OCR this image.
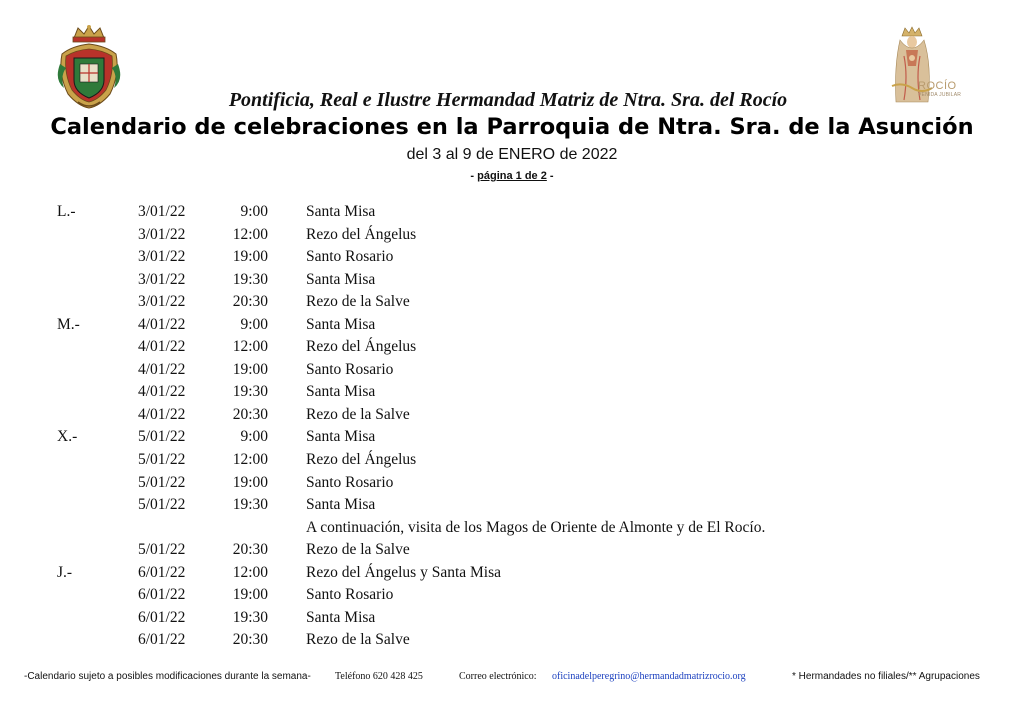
ROCÍO
VENIDA JUBILAR
Pontificia, Real e Ilustre Hermandad Matriz de Ntra. Sra. del Rocío
Calendario de celebraciones en la Parroquia de Ntra. Sra. de la Asunción
del 3 al 9 de ENERO de 2022
- página 1 de 2 -
L.-	3/01/22	9:00 Santa Misa
3/01/22	12:00 Rezo del Ángelus
3/01/22	19:00 Santo Rosario
3/01/22	19:30 Santa Misa
3/01/22	20:30 Rezo de la Salve
M.-	4/01/22	9:00 Santa Misa
4/01/22	12:00 Rezo del Ángelus
4/01/22	19:00 Santo Rosario
4/01/22	19:30 Santa Misa
4/01/22	20:30 Rezo de la Salve
X.-	5/01/22	9:00 Santa Misa
5/01/22	12:00 Rezo del Ángelus
5/01/22	19:00 Santo Rosario
5/01/22	19:30 Santa Misa
A continuación, visita de los Magos de Oriente de Almonte y de El Rocío.
5/01/22	20:30 Rezo de la Salve
J.-	6/01/22	12:00 Rezo del Ángelus y Santa Misa
6/01/22	19:00 Santo Rosario
6/01/22	19:30 Santa Misa
6/01/22	20:30 Rezo de la Salve
-Calendario sujeto a posibles modificaciones durante la semana- Teléfono 620 428 425	Correo electrónico: oficinadelperegrino@hermandadmatrizrocio.org	* Hermandades no filiales/** Agrupaciones
